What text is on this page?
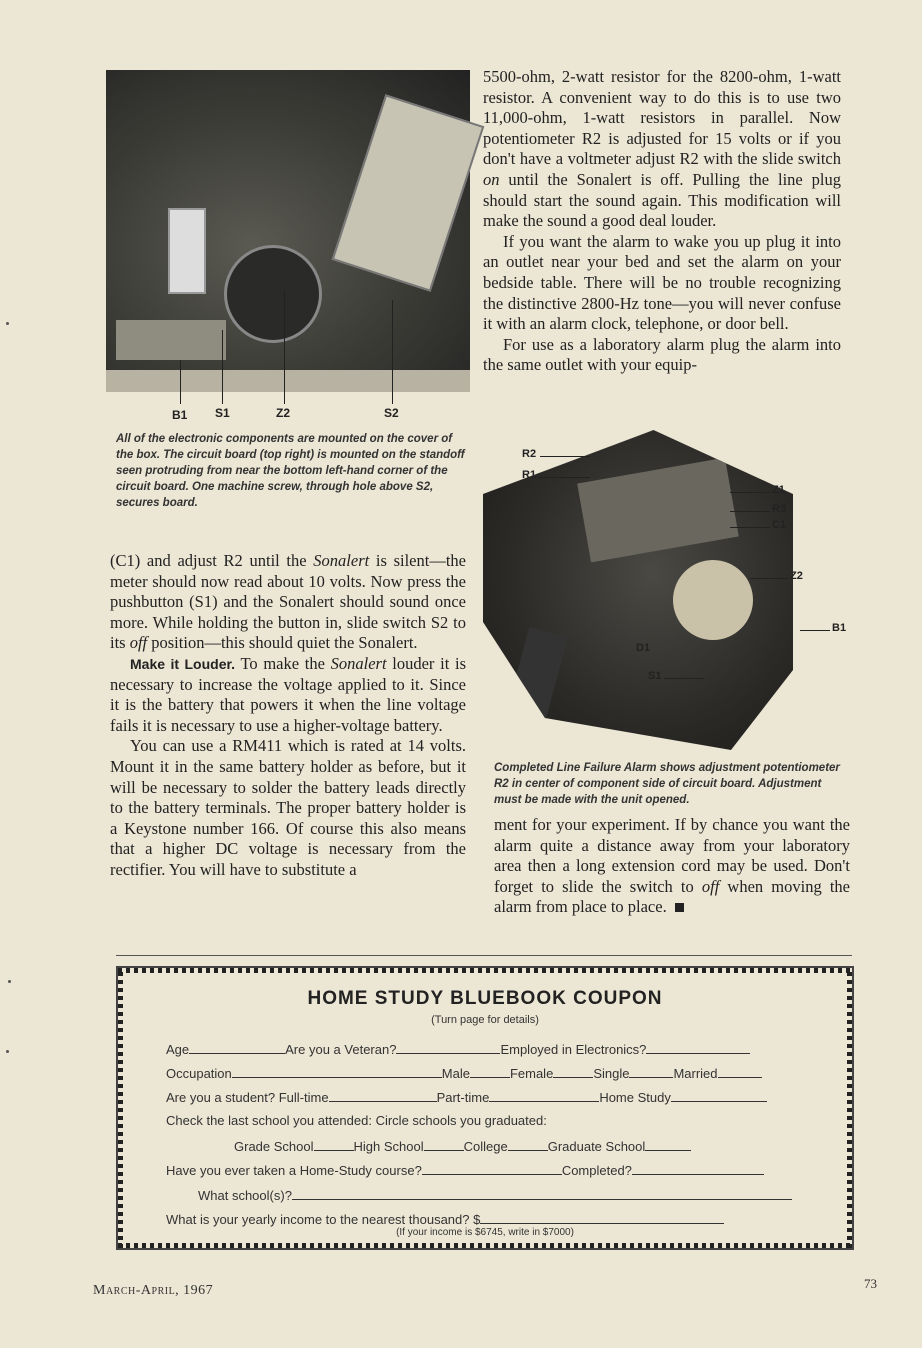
B1 S1	Z2	S2

All of the electronic components are mounted on the cover of the box. The circuit board (top right) is mounted on the standoff seen protruding from near the bottom left-hand corner of the circuit board. One machine screw, through hole above S2, secures board.

(C1) and adjust R2 until the Sonalert is silent—the meter should now read about 10 volts. Now press the pushbutton (S1) and the Sonalert should sound once more. While holding the button in, slide switch S2 to its off position—this should quiet the Sonalert.

Make it Louder. To make the Sonalert louder it is necessary to increase the voltage applied to it. Since it is the battery that powers it when the line voltage fails it is necessary to use a higher-voltage battery.

You can use a RM411 which is rated at 14 volts. Mount it in the same battery holder as before, but it will be necessary to solder the battery leads directly to the battery terminals. The proper battery holder is a Keystone number 166. Of course this also means that a higher DC voltage is necessary from the rectifier. You will have to substitute a

5500-ohm, 2-watt resistor for the 8200-ohm, 1-watt resistor. A convenient way to do this is to use two 11,000-ohm, 1-watt resistors in parallel. Now potentiometer R2 is adjusted for 15 volts or if you don't have a voltmeter adjust R2 with the slide switch on until the Sonalert is off. Pulling the line plug should start the sound again. This modification will make the sound a good deal louder.

If you want the alarm to wake you up plug it into an outlet near your bed and set the alarm on your bedside table. There will be no trouble recognizing the distinctive 2800-Hz tone—you will never confuse it with an alarm clock, telephone, or door bell.

For use as a laboratory alarm plug the alarm into the same outlet with your equip-

R2
R1
Z1
R3
C1
Z2
B1
D1
S1

Completed Line Failure Alarm shows adjustment potentiometer R2 in center of component side of circuit board. Adjustment must be made with the unit opened.

ment for your experiment. If by chance you want the alarm quite a distance away from your laboratory area then a long extension cord may be used. Don't forget to slide the switch to off when moving the alarm from place to place.

HOME STUDY BLUEBOOK COUPON
(Turn page for details)
Age	Are you a Veteran?	Employed in Electronics?
Occupation	Male	Female	Single	Married
Are you a student? Full-time	Part-time	Home Study
Check the last school you attended: Circle schools you graduated:
Grade School	High School	College	Graduate School
Have you ever taken a Home-Study course?	Completed?
What school(s)?
What is your yearly income to the nearest thousand? $
(If your income is $6745, write in $7000)
March-April, 1967	73
